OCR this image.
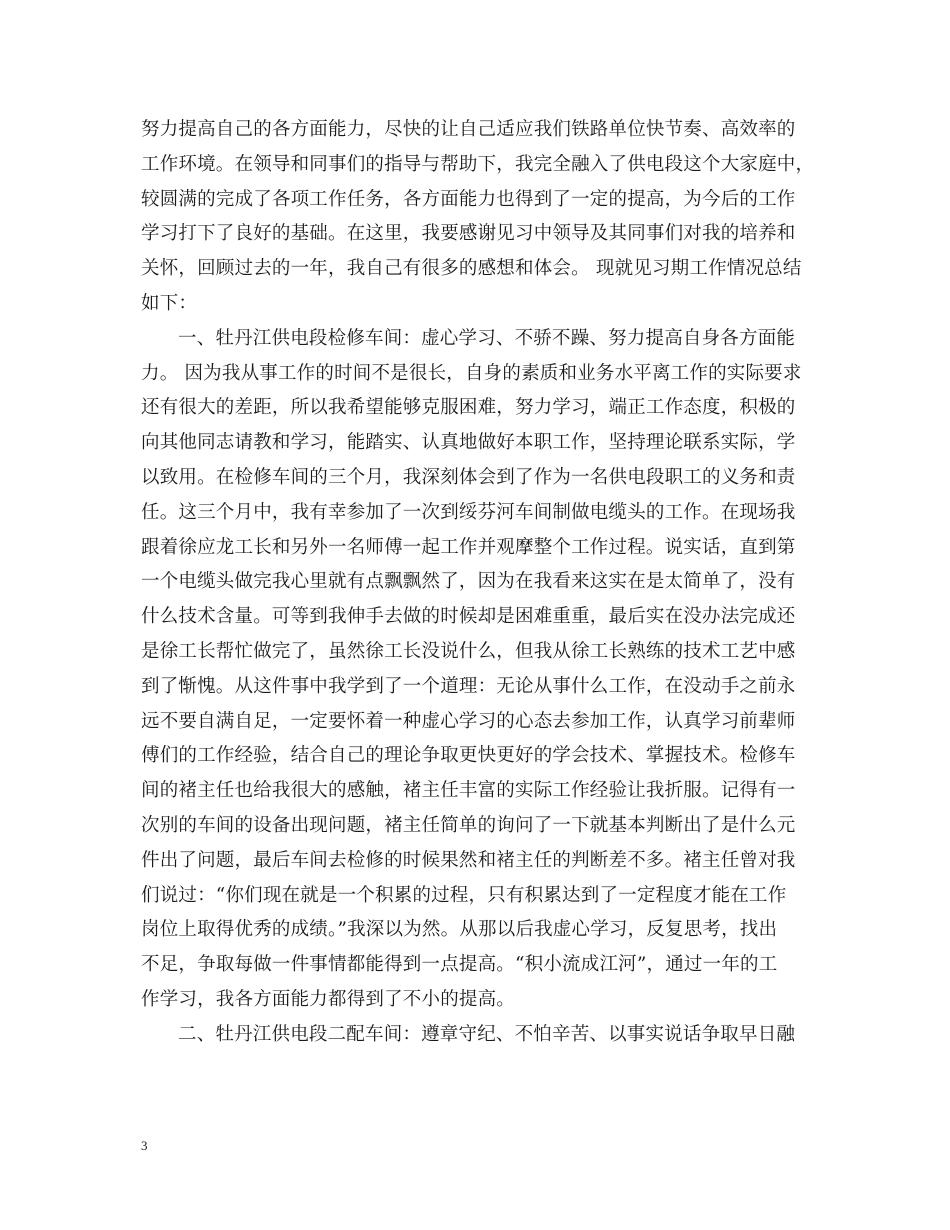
努力提高自己的各方面能力，尽快的让自己适应我们铁路单位快节奏、高效率的
工作环境。在领导和同事们的指导与帮助下，我完全融入了供电段这个大家庭中，
较圆满的完成了各项工作任务，各方面能力也得到了一定的提高，为今后的工作
学习打下了良好的基础。在这里，我要感谢见习中领导及其同事们对我的培养和
关怀，回顾过去的一年，我自己有很多的感想和体会。 现就见习期工作情况总结
如下：
一、牡丹江供电段检修车间：虚心学习、不骄不躁、努力提高自身各方面能
力。 因为我从事工作的时间不是很长，自身的素质和业务水平离工作的实际要求
还有很大的差距，所以我希望能够克服困难，努力学习，端正工作态度，积极的
向其他同志请教和学习，能踏实、认真地做好本职工作，坚持理论联系实际，学
以致用。在检修车间的三个月，我深刻体会到了作为一名供电段职工的义务和责
任。这三个月中，我有幸参加了一次到绥芬河车间制做电缆头的工作。在现场我
跟着徐应龙工长和另外一名师傅一起工作并观摩整个工作过程。说实话，直到第
一个电缆头做完我心里就有点飘飘然了，因为在我看来这实在是太简单了，没有
什么技术含量。可等到我伸手去做的时候却是困难重重，最后实在没办法完成还
是徐工长帮忙做完了，虽然徐工长没说什么，但我从徐工长熟练的技术工艺中感
到了惭愧。从这件事中我学到了一个道理：无论从事什么工作，在没动手之前永
远不要自满自足，一定要怀着一种虚心学习的心态去参加工作，认真学习前辈师
傅们的工作经验，结合自己的理论争取更快更好的学会技术、掌握技术。检修车
间的褚主任也给我很大的感触，褚主任丰富的实际工作经验让我折服。记得有一
次别的车间的设备出现问题，褚主任简单的询问了一下就基本判断出了是什么元
件出了问题，最后车间去检修的时候果然和褚主任的判断差不多。褚主任曾对我
们说过：“你们现在就是一个积累的过程，只有积累达到了一定程度才能在工作
岗位上取得优秀的成绩。”我深以为然。从那以后我虚心学习，反复思考，找出
不足，争取每做一件事情都能得到一点提高。“积小流成江河”，通过一年的工
作学习，我各方面能力都得到了不小的提高。
二、牡丹江供电段二配车间：遵章守纪、不怕辛苦、以事实说话争取早日融
3
